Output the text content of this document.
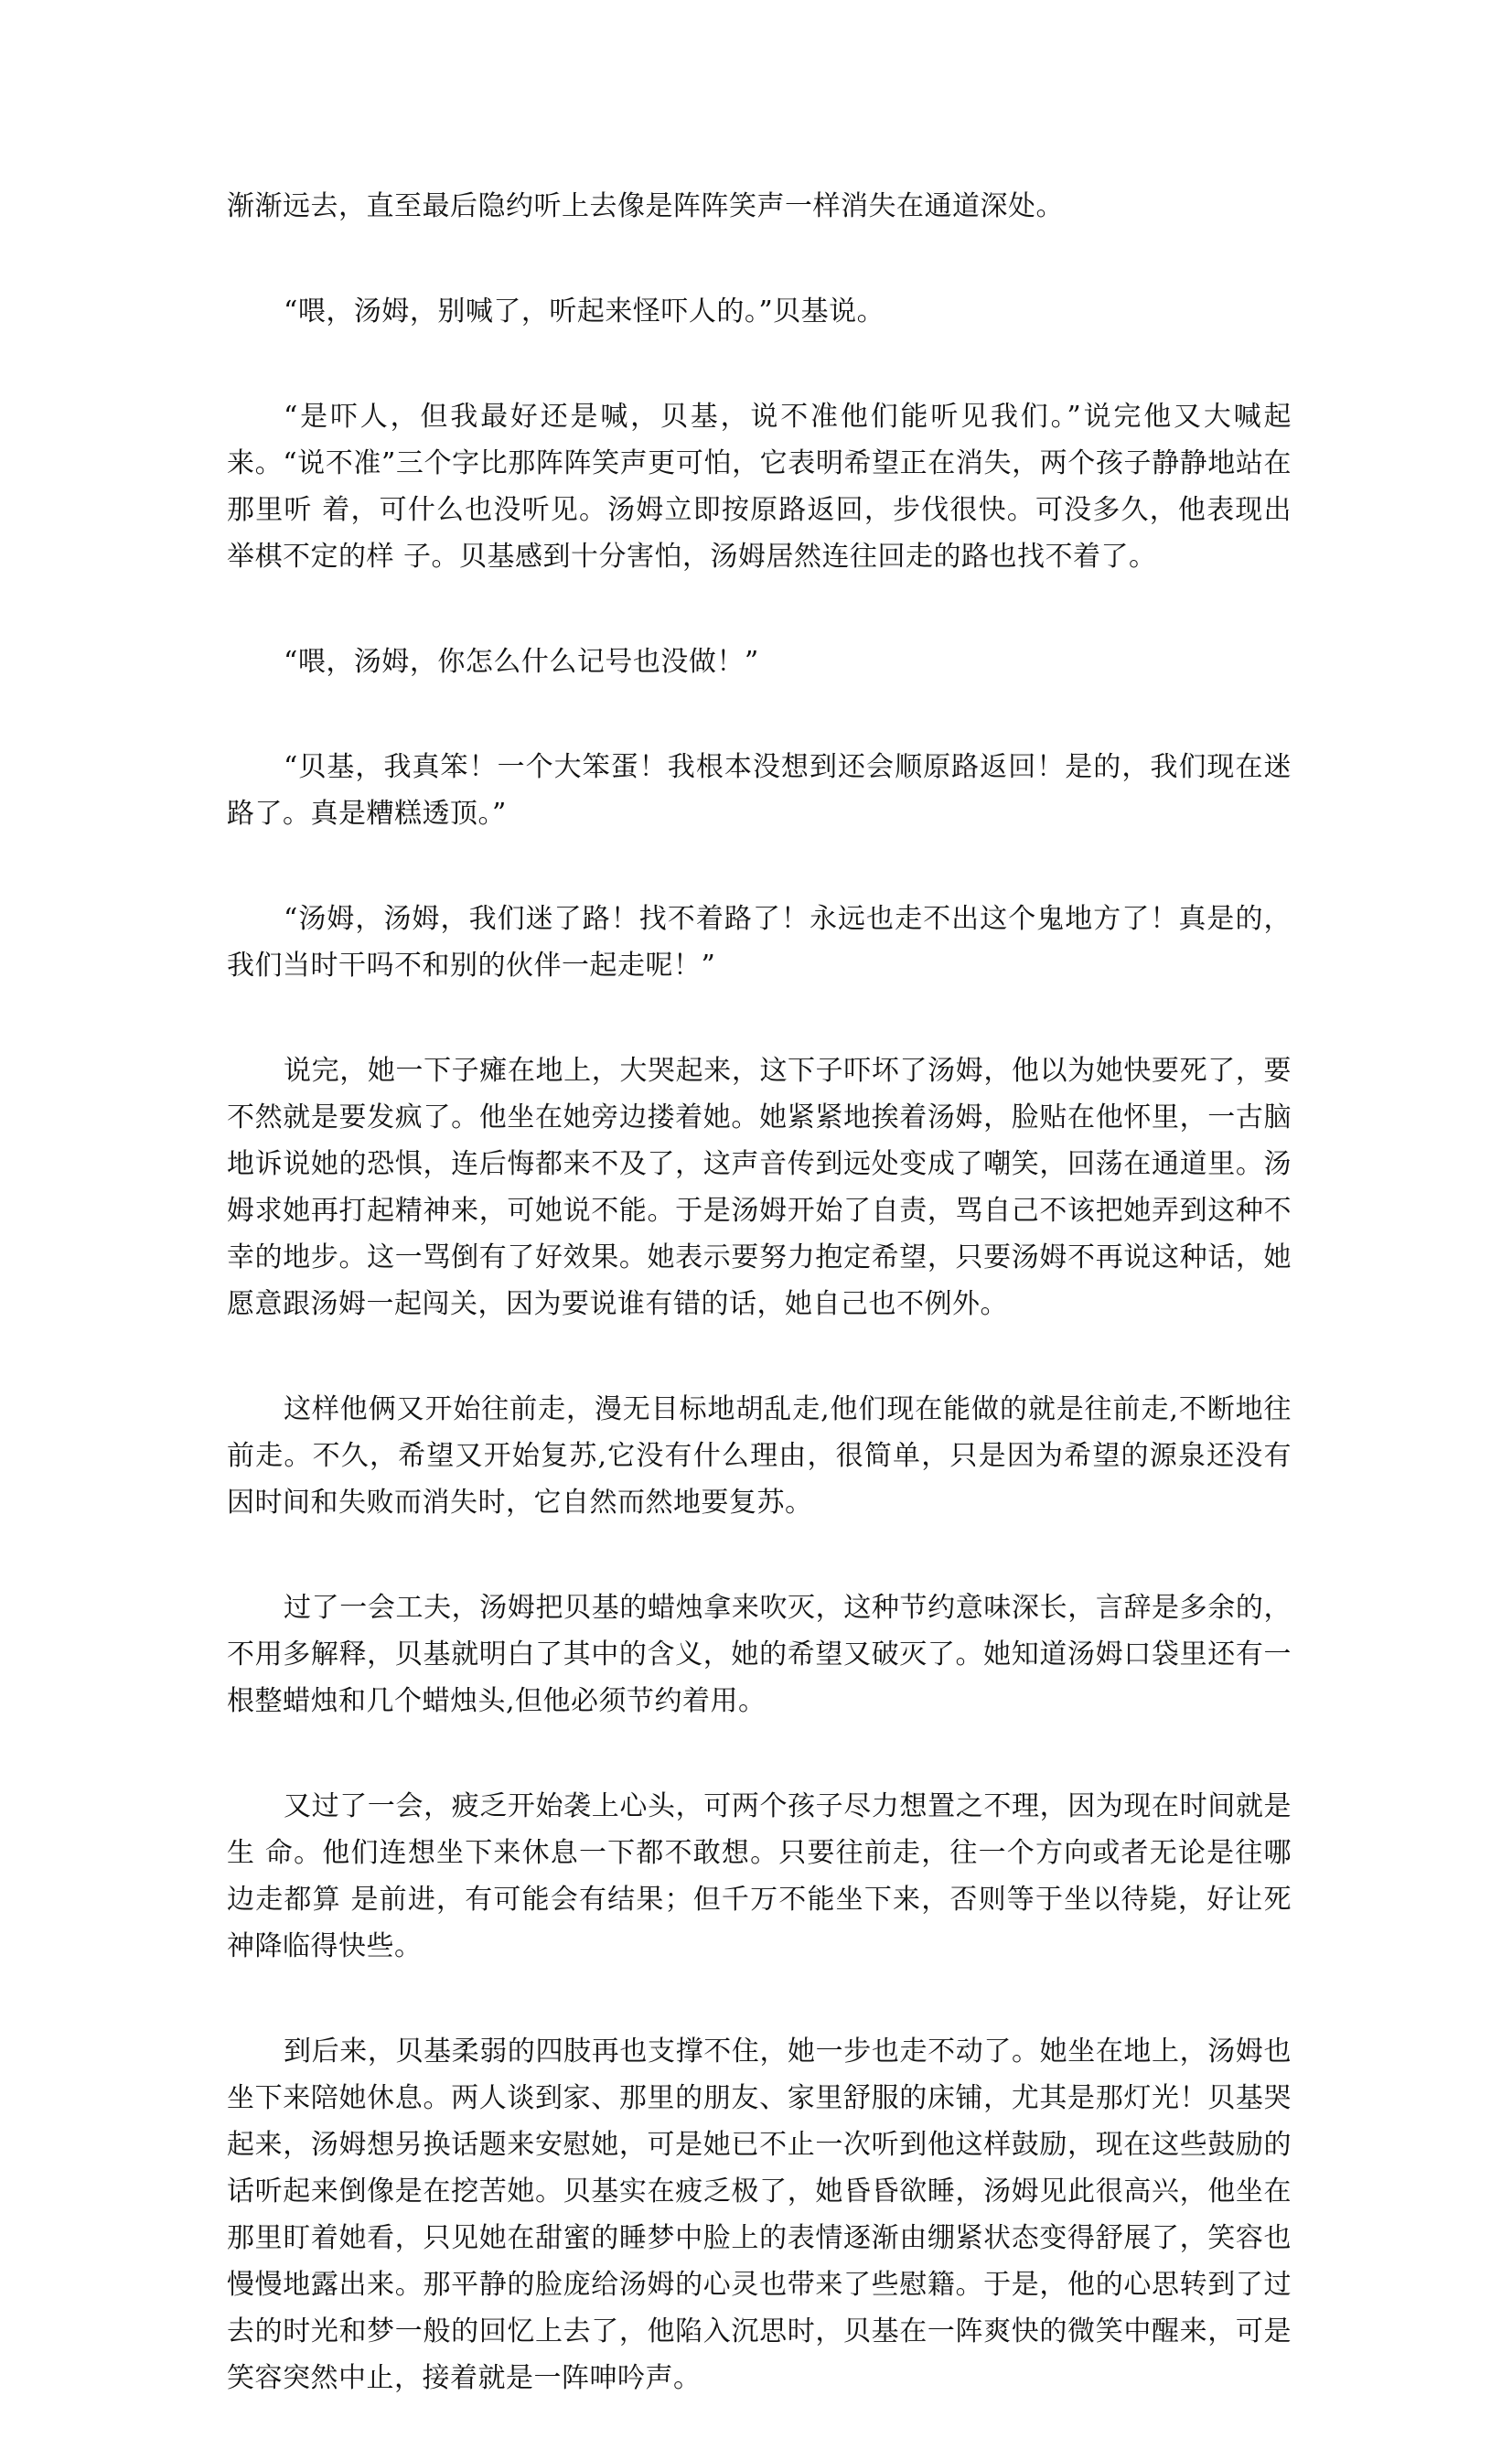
渐渐远去，直至最后隐约听上去像是阵阵笑声一样消失在通道深处。

“喂，汤姆，别喊了，听起来怪吓人的。”贝基说。

“是吓人，但我最好还是喊，贝基，说不准他们能听见我们。”说完他又大喊起来。“说不准”三个字比那阵阵笑声更可怕，它表明希望正在消失，两个孩子静静地站在那里听 着，可什么也没听见。汤姆立即按原路返回，步伐很快。可没多久，他表现出举棋不定的样 子。贝基感到十分害怕，汤姆居然连往回走的路也找不着了。

“喂，汤姆，你怎么什么记号也没做！”

“贝基，我真笨！一个大笨蛋！我根本没想到还会顺原路返回！是的，我们现在迷路了。真是糟糕透顶。”

“汤姆，汤姆，我们迷了路！找不着路了！永远也走不出这个鬼地方了！真是的，我们当时干吗不和别的伙伴一起走呢！”

说完，她一下子瘫在地上，大哭起来，这下子吓坏了汤姆，他以为她快要死了，要不然就是要发疯了。他坐在她旁边搂着她。她紧紧地挨着汤姆，脸贴在他怀里，一古脑地诉说她的恐惧，连后悔都来不及了，这声音传到远处变成了嘲笑，回荡在通道里。汤姆求她再打起精神来，可她说不能。于是汤姆开始了自责，骂自己不该把她弄到这种不幸的地步。这一骂倒有了好效果。她表示要努力抱定希望，只要汤姆不再说这种话，她愿意跟汤姆一起闯关，因为要说谁有错的话，她自己也不例外。

这样他俩又开始往前走，漫无目标地胡乱走,他们现在能做的就是往前走,不断地往前走。不久，希望又开始复苏,它没有什么理由，很简单，只是因为希望的源泉还没有因时间和失败而消失时，它自然而然地要复苏。

过了一会工夫，汤姆把贝基的蜡烛拿来吹灭，这种节约意味深长，言辞是多余的，不用多解释，贝基就明白了其中的含义，她的希望又破灭了。她知道汤姆口袋里还有一根整蜡烛和几个蜡烛头,但他必须节约着用。

又过了一会，疲乏开始袭上心头，可两个孩子尽力想置之不理，因为现在时间就是生 命。他们连想坐下来休息一下都不敢想。只要往前走，往一个方向或者无论是往哪边走都算 是前进，有可能会有结果；但千万不能坐下来，否则等于坐以待毙，好让死神降临得快些。

到后来，贝基柔弱的四肢再也支撑不住，她一步也走不动了。她坐在地上，汤姆也坐下来陪她休息。两人谈到家、那里的朋友、家里舒服的床铺，尤其是那灯光！贝基哭起来，汤姆想另换话题来安慰她，可是她已不止一次听到他这样鼓励，现在这些鼓励的话听起来倒像是在挖苦她。贝基实在疲乏极了，她昏昏欲睡，汤姆见此很高兴，他坐在那里盯着她看，只见她在甜蜜的睡梦中脸上的表情逐渐由绷紧状态变得舒展了，笑容也慢慢地露出来。那平静的脸庞给汤姆的心灵也带来了些慰籍。于是，他的心思转到了过去的时光和梦一般的回忆上去了，他陷入沉思时，贝基在一阵爽快的微笑中醒来，可是笑容突然中止，接着就是一阵呻吟声。
